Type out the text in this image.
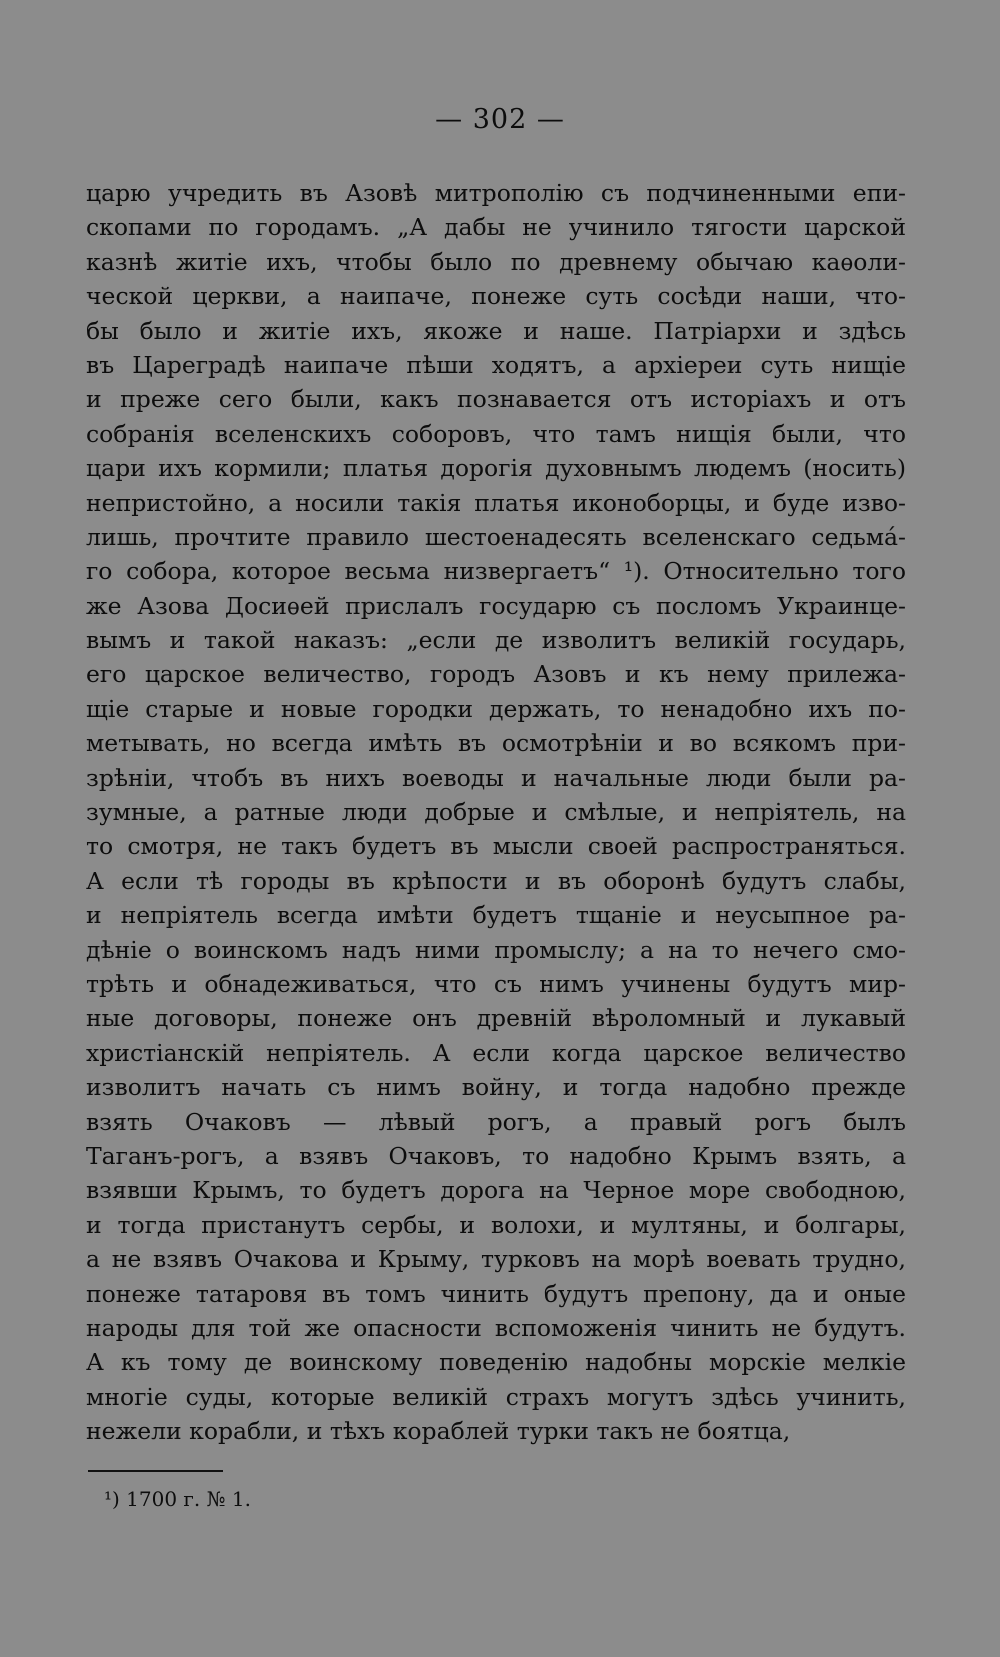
— 302 —
царю учредить въ Азовѣ митрополію съ подчиненными епи-
скопами по городамъ. „А дабы не учинило тягости царской
казнѣ житіе ихъ, чтобы было по древнему обычаю каѳоли-
ческой церкви, а наипаче, понеже суть сосѣди наши, что-
бы было и житіе ихъ, якоже и наше. Патріархи и здѣсь
въ Цареградѣ наипаче пѣши ходятъ, а архіереи суть нищіе
и преже сего были, какъ познавается отъ исторіахъ и отъ
собранія вселенскихъ соборовъ, что тамъ нищія были, что
цари ихъ кормили; платья дорогія духовнымъ людемъ (носить)
непристойно, а носили такія платья иконоборцы, и буде изво-
лишь, прочтите правило шестоенадесять вселенскаго седьма́-
го собора, которое весьма низвергаетъ“ ¹). Относительно того
же Азова Досиѳей прислалъ государю съ посломъ Украинце-
вымъ и такой наказъ: „если де изволитъ великій государь,
его царское величество, городъ Азовъ и къ нему прилежа-
щіе старые и новые городки держать, то ненадобно ихъ по-
метывать, но всегда имѣть въ осмотрѣніи и во всякомъ при-
зрѣніи, чтобъ въ нихъ воеводы и начальные люди были ра-
зумные, а ратные люди добрые и смѣлые, и непріятель, на
то смотря, не такъ будетъ въ мысли своей распространяться.
А если тѣ городы въ крѣпости и въ оборонѣ будутъ слабы,
и непріятель всегда имѣти будетъ тщаніе и неусыпное ра-
дѣніе о воинскомъ надъ ними промыслу; а на то нечего смо-
трѣть и обнадеживаться, что съ нимъ учинены будутъ мир-
ные договоры, понеже онъ древній вѣроломный и лукавый
христіанскій непріятель. А если когда царское величество
изволитъ начать съ нимъ войну, и тогда надобно прежде
взять Очаковъ — лѣвый рогъ, а правый рогъ былъ
Таганъ-рогъ, а взявъ Очаковъ, то надобно Крымъ взять, а
взявши Крымъ, то будетъ дорога на Черное море свободною,
и тогда пристанутъ сербы, и волохи, и мултяны, и болгары,
а не взявъ Очакова и Крыму, турковъ на морѣ воевать трудно,
понеже татаровя въ томъ чинить будутъ препону, да и оные
народы для той же опасности вспоможенія чинить не будутъ.
А къ тому де воинскому поведенію надобны морскіе мелкіе
многіе суды, которые великій страхъ могутъ здѣсь учинить,
нежели корабли, и тѣхъ кораблей турки такъ не боятца,
¹) 1700 г. № 1.
